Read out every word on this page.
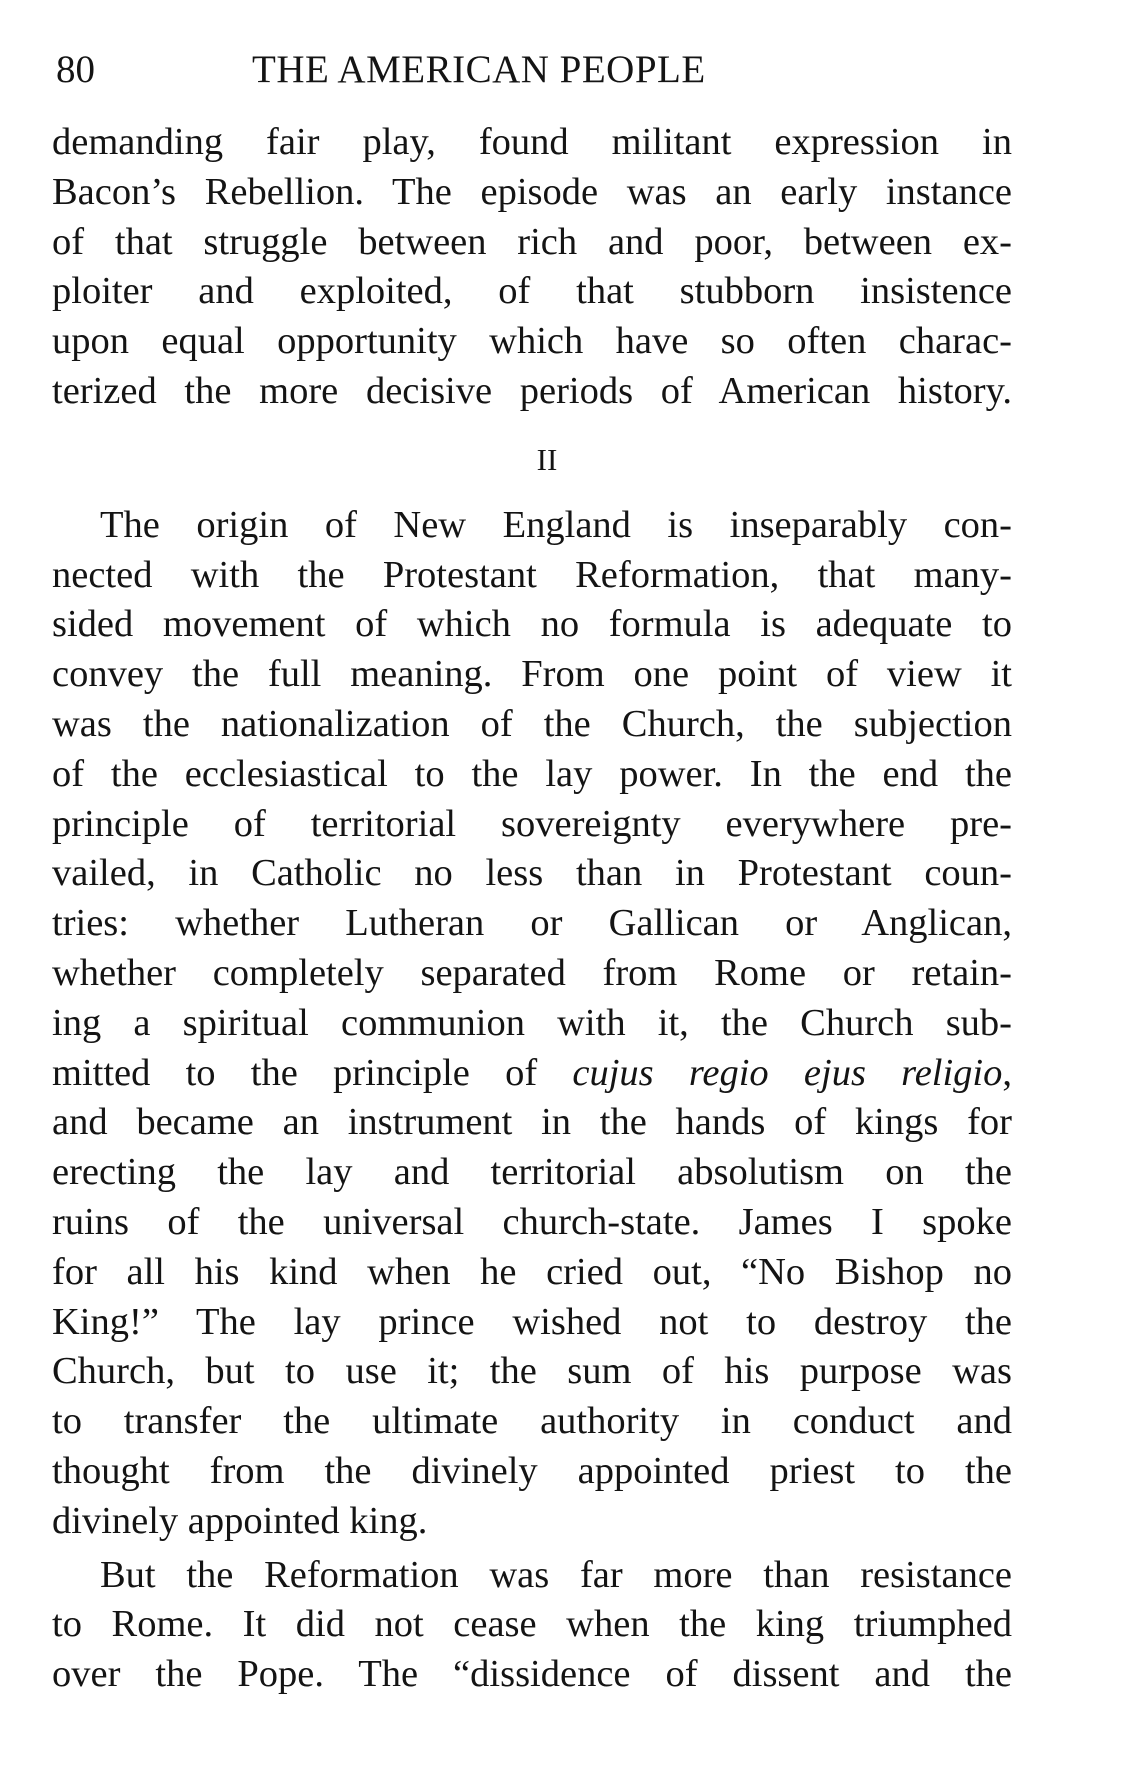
80	THE AMERICAN PEOPLE
demanding fair play, found militant expression in
Bacon’s Rebellion. The episode was an early instance
of that struggle between rich and poor, between ex-
ploiter and exploited, of that stubborn insistence
upon equal opportunity which have so often charac-
terized the more decisive periods of American history.
II
The origin of New England is inseparably con-
nected with the Protestant Reformation, that many-
sided movement of which no formula is adequate to
convey the full meaning. From one point of view it
was the nationalization of the Church, the subjection
of the ecclesiastical to the lay power. In the end the
principle of territorial sovereignty everywhere pre-
vailed, in Catholic no less than in Protestant coun-
tries: whether Lutheran or Gallican or Anglican,
whether completely separated from Rome or retain-
ing a spiritual communion with it, the Church sub-
mitted to the principle of cujus regio ejus religio,
and became an instrument in the hands of kings for
erecting the lay and territorial absolutism on the
ruins of the universal church-state. James I spoke
for all his kind when he cried out, “No Bishop no
King!” The lay prince wished not to destroy the
Church, but to use it; the sum of his purpose was
to transfer the ultimate authority in conduct and
thought from the divinely appointed priest to the
divinely appointed king.
But the Reformation was far more than resistance
to Rome. It did not cease when the king triumphed
over the Pope. The “dissidence of dissent and the
